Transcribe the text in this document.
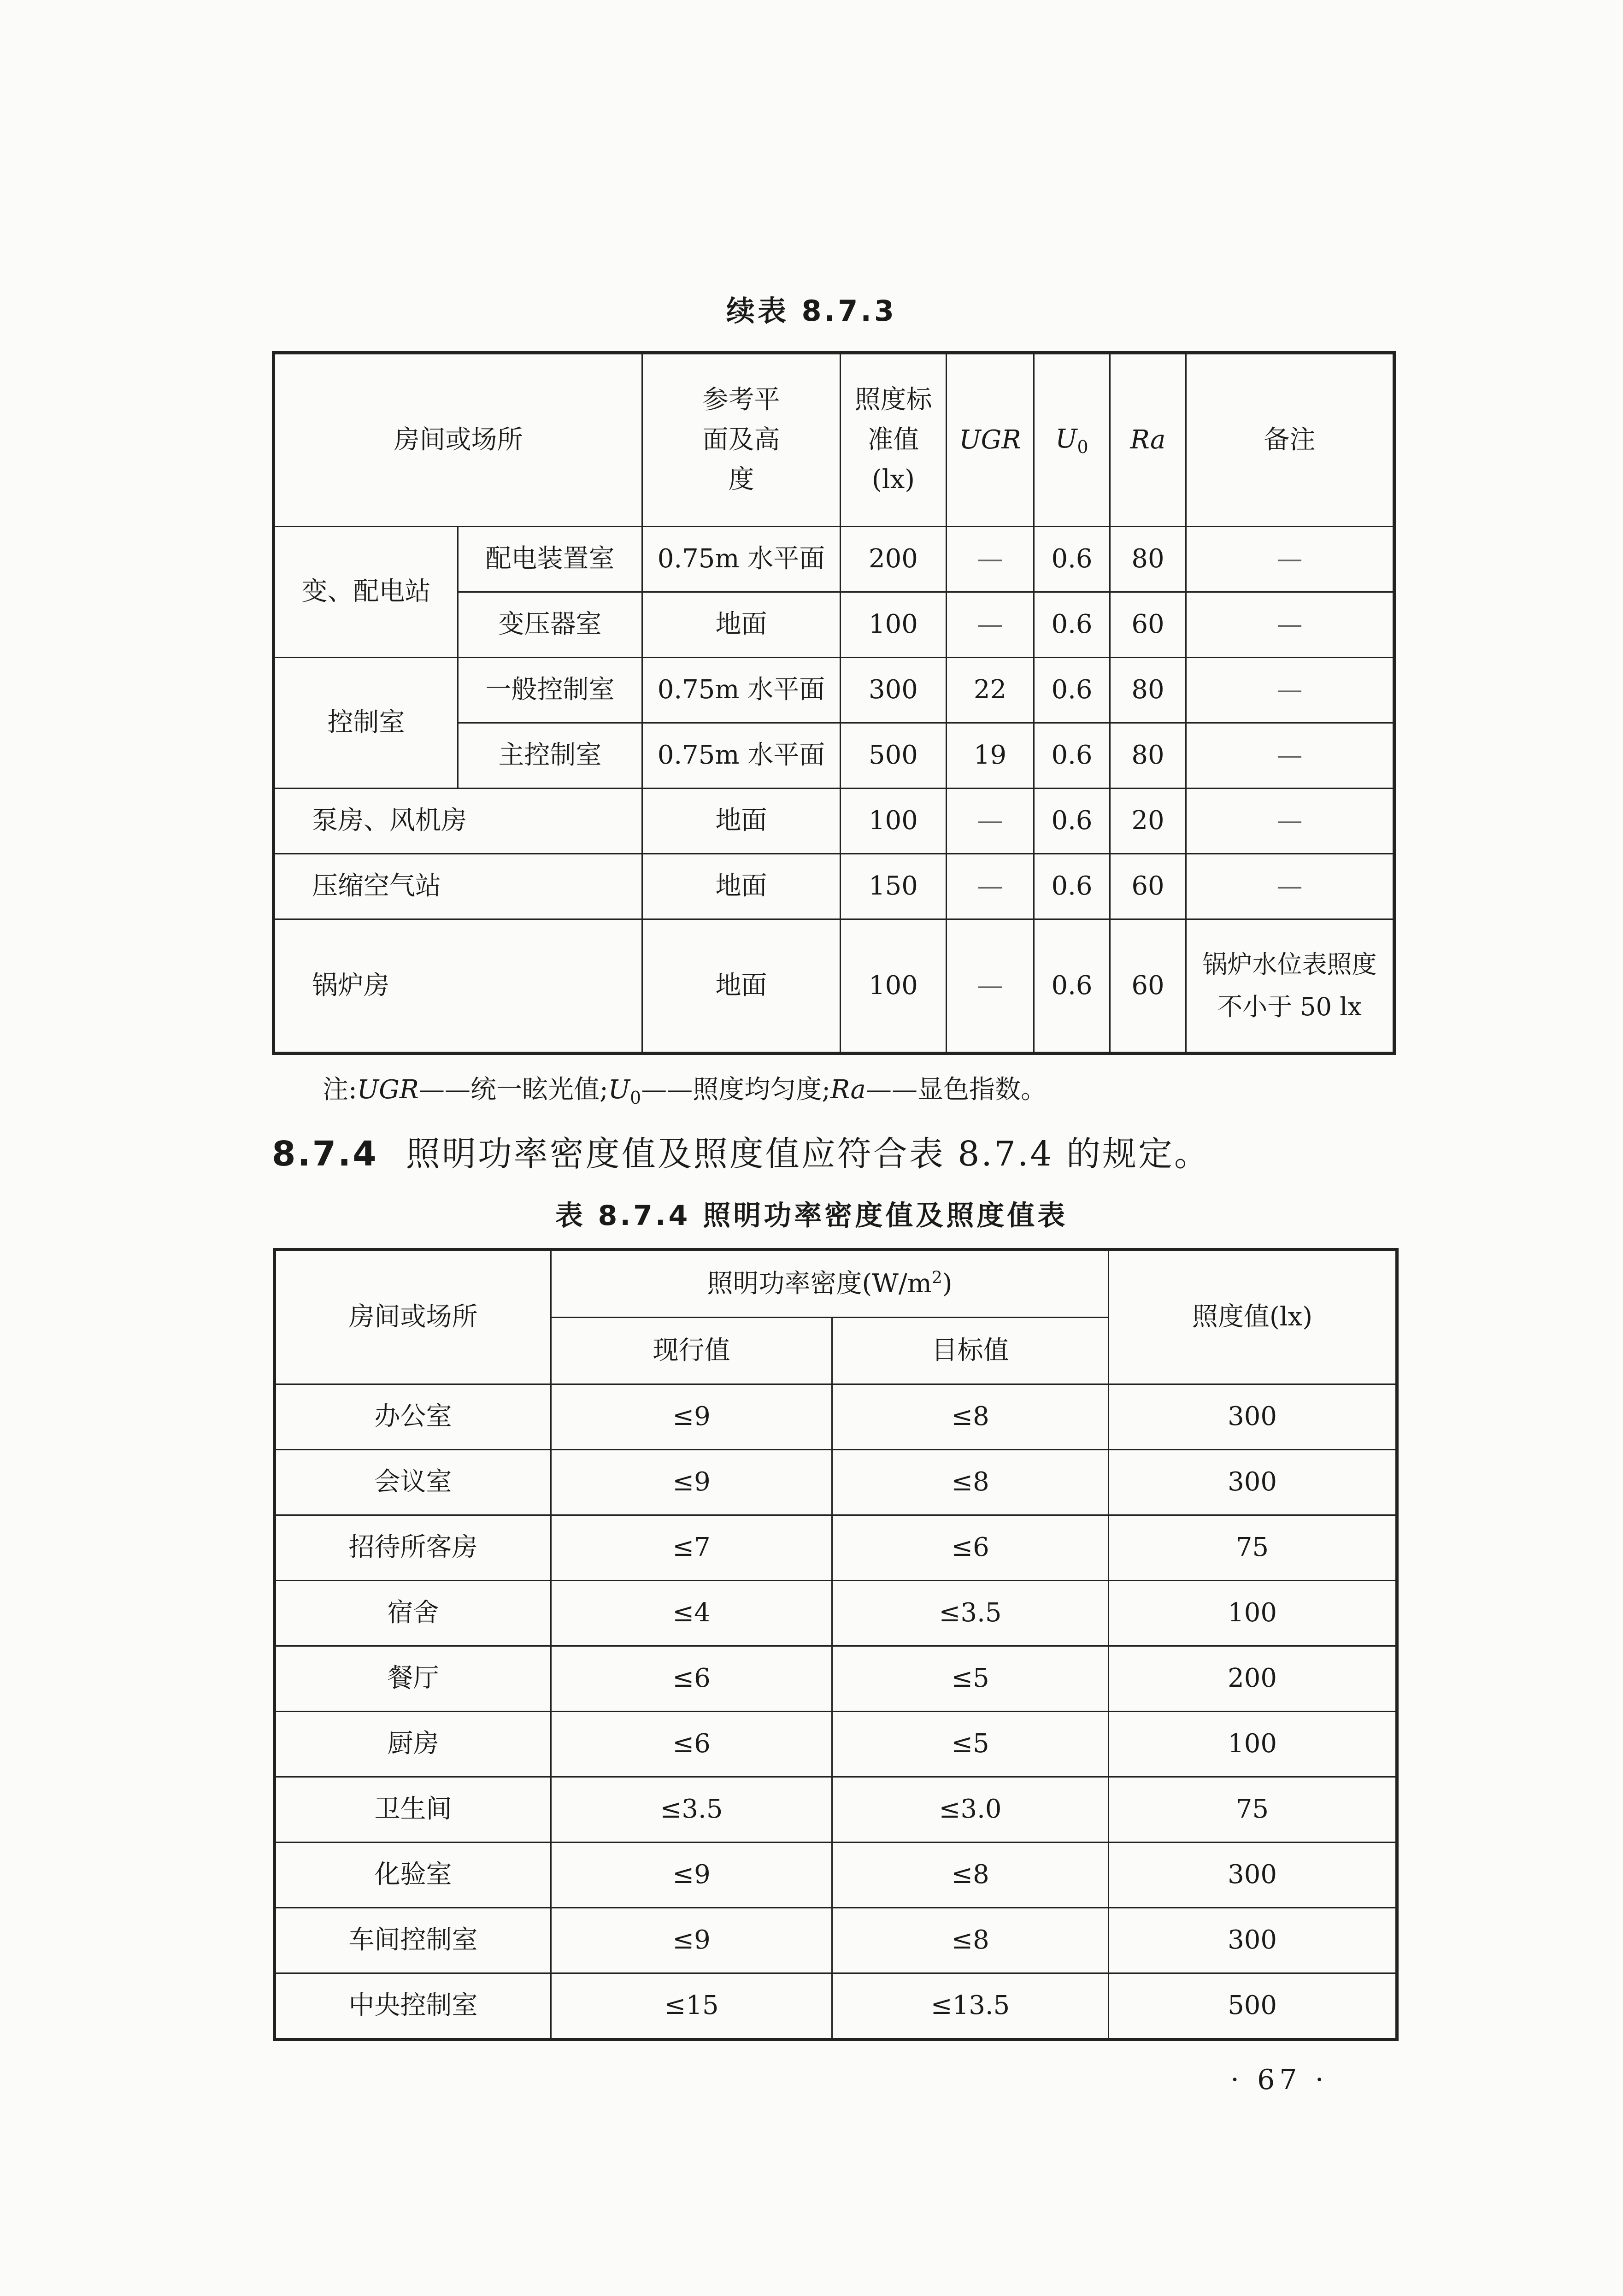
续表 8.7.3
房间或场所		参考平面及高度	照度标准值(lx)	UGR	$U_0$	Ra	备注
变、配电站	配电装置室	0.75m 水平面	200	—	0.6	80	—
	变压器室	地面	100	—	0.6	60	—
控制室	一般控制室	0.75m 水平面	300	22	0.6	80	—
	主控制室	0.75m 水平面	500	19	0.6	80	—
泵房、风机房		地面	100	—	0.6	20	—
压缩空气站		地面	150	—	0.6	60	—
锅炉房		地面	100	—	0.6	60	锅炉水位表照度不小于 50 lx
注:UGR——统一眩光值$;U_0——$照度均匀度;Ra——显色指数。
8.7.4 照明功率密度值及照度值应符合表 8.7.4 的规定。
表 8.7.4 照明功率密度值及照度值表
房间或场所	照明功率密度$(W/m^2)$		照度值(lx)
	现行值	目标值	
办公室	≤9	≤8	300
会议室	≤9	≤8	300
招待所客房	≤7	≤6	75
宿舍	≤4	≤3.5	100
餐厅	≤6	≤5	200
厨房	≤6	≤5	100
卫生间	≤3.5	≤3.0	75
化验室	≤9	≤8	300
车间控制室	≤9	≤8	300
中央控制室	≤15	≤13.5	500
· 67 ·
